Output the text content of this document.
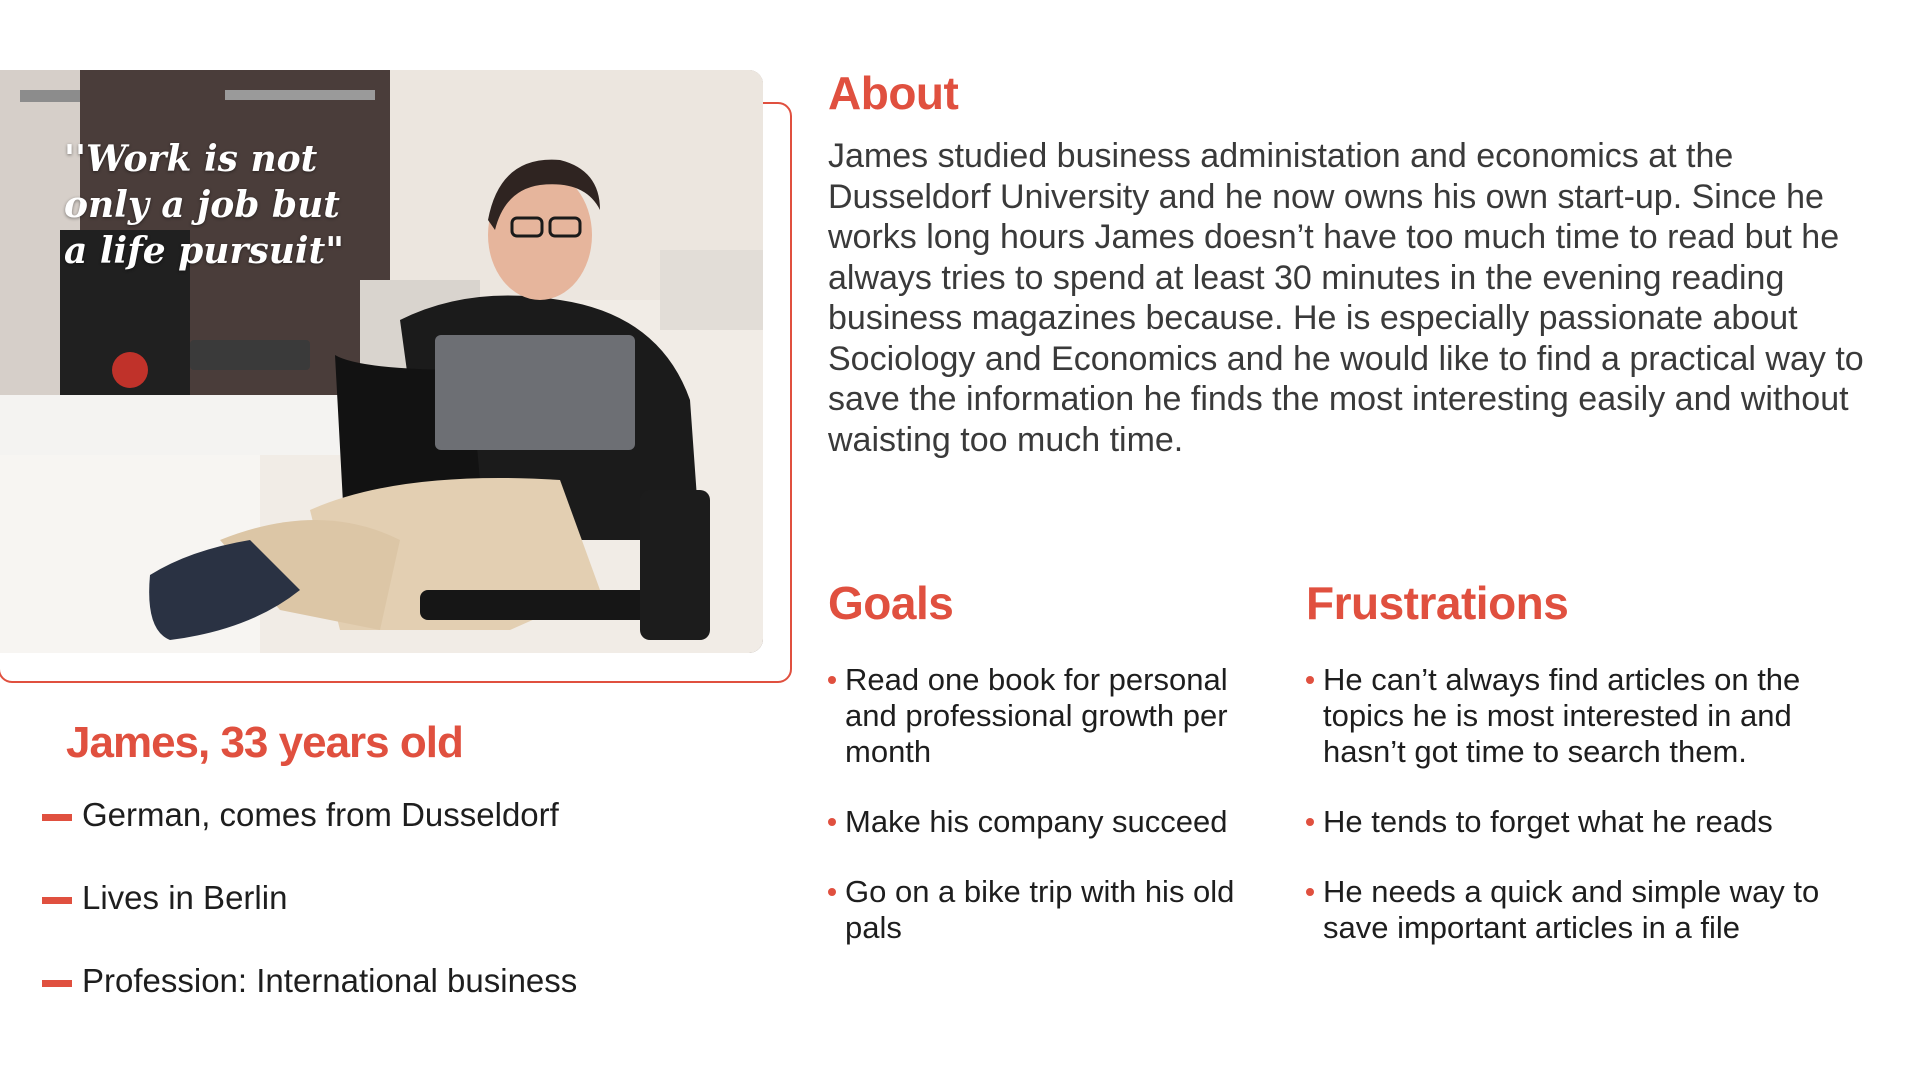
''Work is not only a job but a life pursuit"
James, 33 years old
German, comes from Dusseldorf
Lives in Berlin
Profession: International business
About

James studied business administation and economics at the Dusseldorf University and he now owns his own start-up. Since he works long hours James doesn’t have too much time to read but he always tries to spend at least 30 minutes in the evening reading business magazines because. He is especially passionate about Sociology and Economics and he would like to find a practical way to save the information he finds the most interesting easily and without waisting too much time.

Goals
Read one book for personal and professional growth per month
Make his company succeed
Go on a bike trip with his old pals
Frustrations
He can’t always find articles on the topics he is most interested in and hasn’t got time to search them.
He tends to forget what he reads
He needs a quick and simple way to save important articles in a file
